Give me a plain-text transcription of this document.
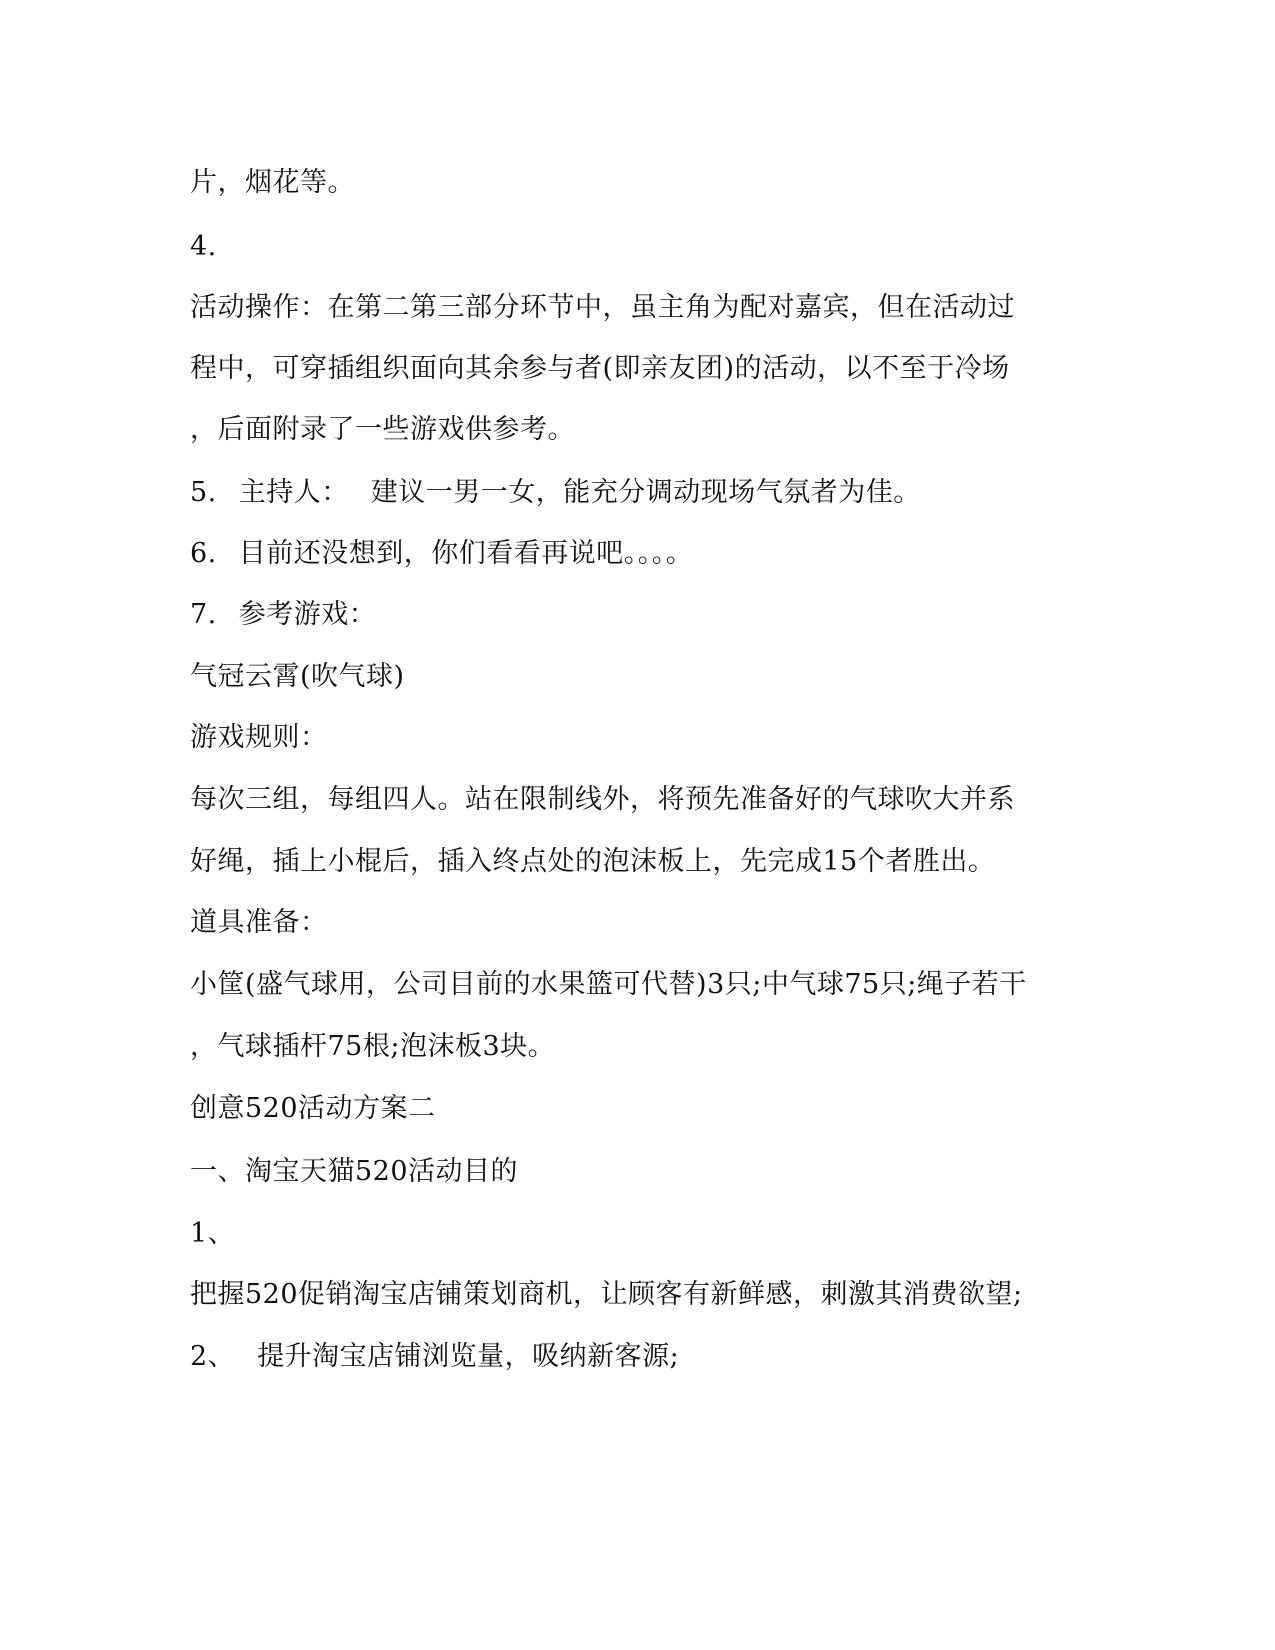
片，烟花等。

4.

活动操作：在第二第三部分环节中，虽主角为配对嘉宾，但在活动过

程中，可穿插组织面向其余参与者(即亲友团)的活动，以不至于冷场

，后面附录了一些游戏供参考。

5. 主持人： 建议一男一女，能充分调动现场气氛者为佳。

6. 目前还没想到，你们看看再说吧。。。。

7. 参考游戏：

气冠云霄(吹气球)

游戏规则：

每次三组，每组四人。站在限制线外，将预先准备好的气球吹大并系

好绳，插上小棍后，插入终点处的泡沫板上，先完成15个者胜出。

道具准备：

小筐(盛气球用，公司目前的水果篮可代替)3只;中气球75只;绳子若干

，气球插杆75根;泡沫板3块。

创意520活动方案二

一、淘宝天猫520活动目的

1、

把握520促销淘宝店铺策划商机，让顾客有新鲜感，刺激其消费欲望;

2、 提升淘宝店铺浏览量，吸纳新客源;
